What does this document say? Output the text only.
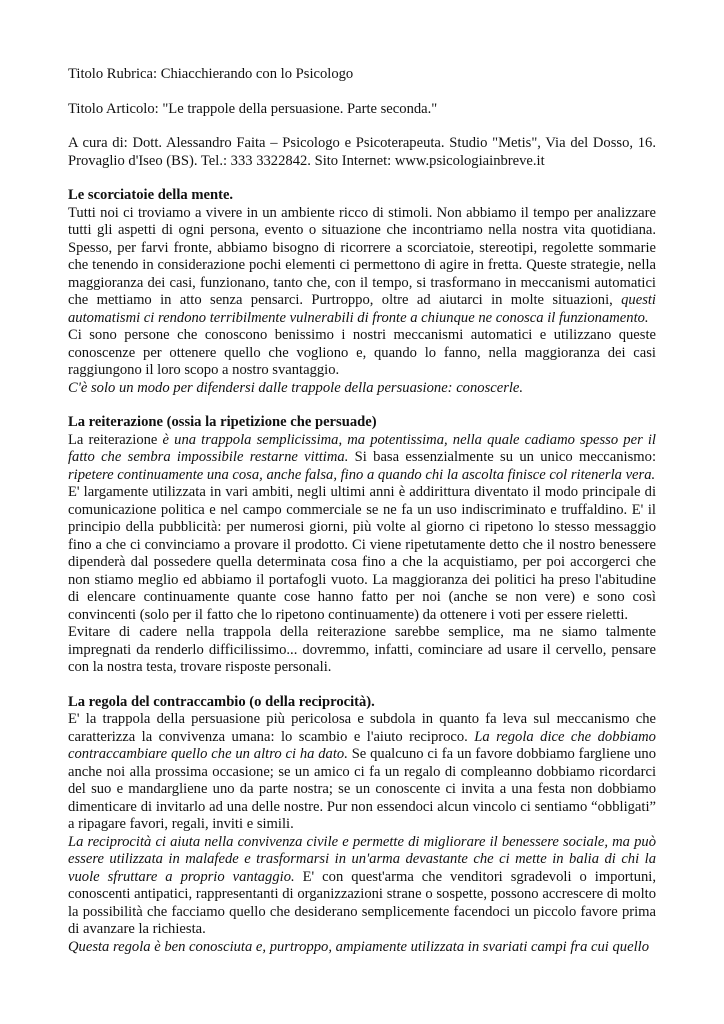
Titolo Rubrica: Chiacchierando con lo Psicologo

Titolo Articolo: "Le trappole della persuasione. Parte seconda."

A cura di: Dott. Alessandro Faita – Psicologo e Psicoterapeuta. Studio "Metis", Via del Dosso, 16. Provaglio d'Iseo (BS). Tel.: 333 3322842. Sito Internet: www.psicologiainbreve.it

Le scorciatoie della mente.

Tutti noi ci troviamo a vivere in un ambiente ricco di stimoli. Non abbiamo il tempo per analizzare tutti gli aspetti di ogni persona, evento o situazione che incontriamo nella nostra vita quotidiana. Spesso, per farvi fronte, abbiamo bisogno di ricorrere a scorciatoie, stereotipi, regolette sommarie che tenendo in considerazione pochi elementi ci permettono di agire in fretta. Queste strategie, nella maggioranza dei casi, funzionano, tanto che, con il tempo, si trasformano in meccanismi automatici che mettiamo in atto senza pensarci. Purtroppo, oltre ad aiutarci in molte situazioni, questi automatismi ci rendono terribilmente vulnerabili di fronte a chiunque ne conosca il funzionamento.

Ci sono persone che conoscono benissimo i nostri meccanismi automatici e utilizzano queste conoscenze per ottenere quello che vogliono e, quando lo fanno, nella maggioranza dei casi raggiungono il loro scopo a nostro svantaggio.

C'è solo un modo per difendersi dalle trappole della persuasione: conoscerle.

La reiterazione (ossia la ripetizione che persuade)

La reiterazione è una trappola semplicissima, ma potentissima, nella quale cadiamo spesso per il fatto che sembra impossibile restarne vittima. Si basa essenzialmente su un unico meccanismo: ripetere continuamente una cosa, anche falsa, fino a quando chi la ascolta finisce col ritenerla vera.

E' largamente utilizzata in vari ambiti, negli ultimi anni è addirittura diventato il modo principale di comunicazione politica e nel campo commerciale se ne fa un uso indiscriminato e truffaldino. E' il principio della pubblicità: per numerosi giorni, più volte al giorno ci ripetono lo stesso messaggio fino a che ci convinciamo a provare il prodotto. Ci viene ripetutamente detto che il nostro benessere dipenderà dal possedere quella determinata cosa fino a che la acquistiamo, per poi accorgerci che non stiamo meglio ed abbiamo il portafogli vuoto. La maggioranza dei politici ha preso l'abitudine di elencare continuamente quante cose hanno fatto per noi (anche se non vere) e sono così convincenti (solo per il fatto che lo ripetono continuamente) da ottenere i voti per essere rieletti.

Evitare di cadere nella trappola della reiterazione sarebbe semplice, ma ne siamo talmente impregnati da renderlo difficilissimo... dovremmo, infatti, cominciare ad usare il cervello, pensare con la nostra testa, trovare risposte personali.

La regola del contraccambio (o della reciprocità).

E' la trappola della persuasione più pericolosa e subdola in quanto fa leva sul meccanismo che caratterizza la convivenza umana: lo scambio e l'aiuto reciproco. La regola dice che dobbiamo contraccambiare quello che un altro ci ha dato. Se qualcuno ci fa un favore dobbiamo fargliene uno anche noi alla prossima occasione; se un amico ci fa un regalo di compleanno dobbiamo ricordarci del suo e mandargliene uno da parte nostra; se un conoscente ci invita a una festa non dobbiamo dimenticare di invitarlo ad una delle nostre. Pur non essendoci alcun vincolo ci sentiamo “obbligati” a ripagare favori, regali, inviti e simili.

La reciprocità ci aiuta nella convivenza civile e permette di migliorare il benessere sociale, ma può essere utilizzata in malafede e trasformarsi in un'arma devastante che ci mette in balia di chi la vuole sfruttare a proprio vantaggio. E' con quest'arma che venditori sgradevoli o importuni, conoscenti antipatici, rappresentanti di organizzazioni strane o sospette, possono accrescere di molto la possibilità che facciamo quello che desiderano semplicemente facendoci un piccolo favore prima di avanzare la richiesta.

Questa regola è ben conosciuta e, purtroppo, ampiamente utilizzata in svariati campi fra cui quello
